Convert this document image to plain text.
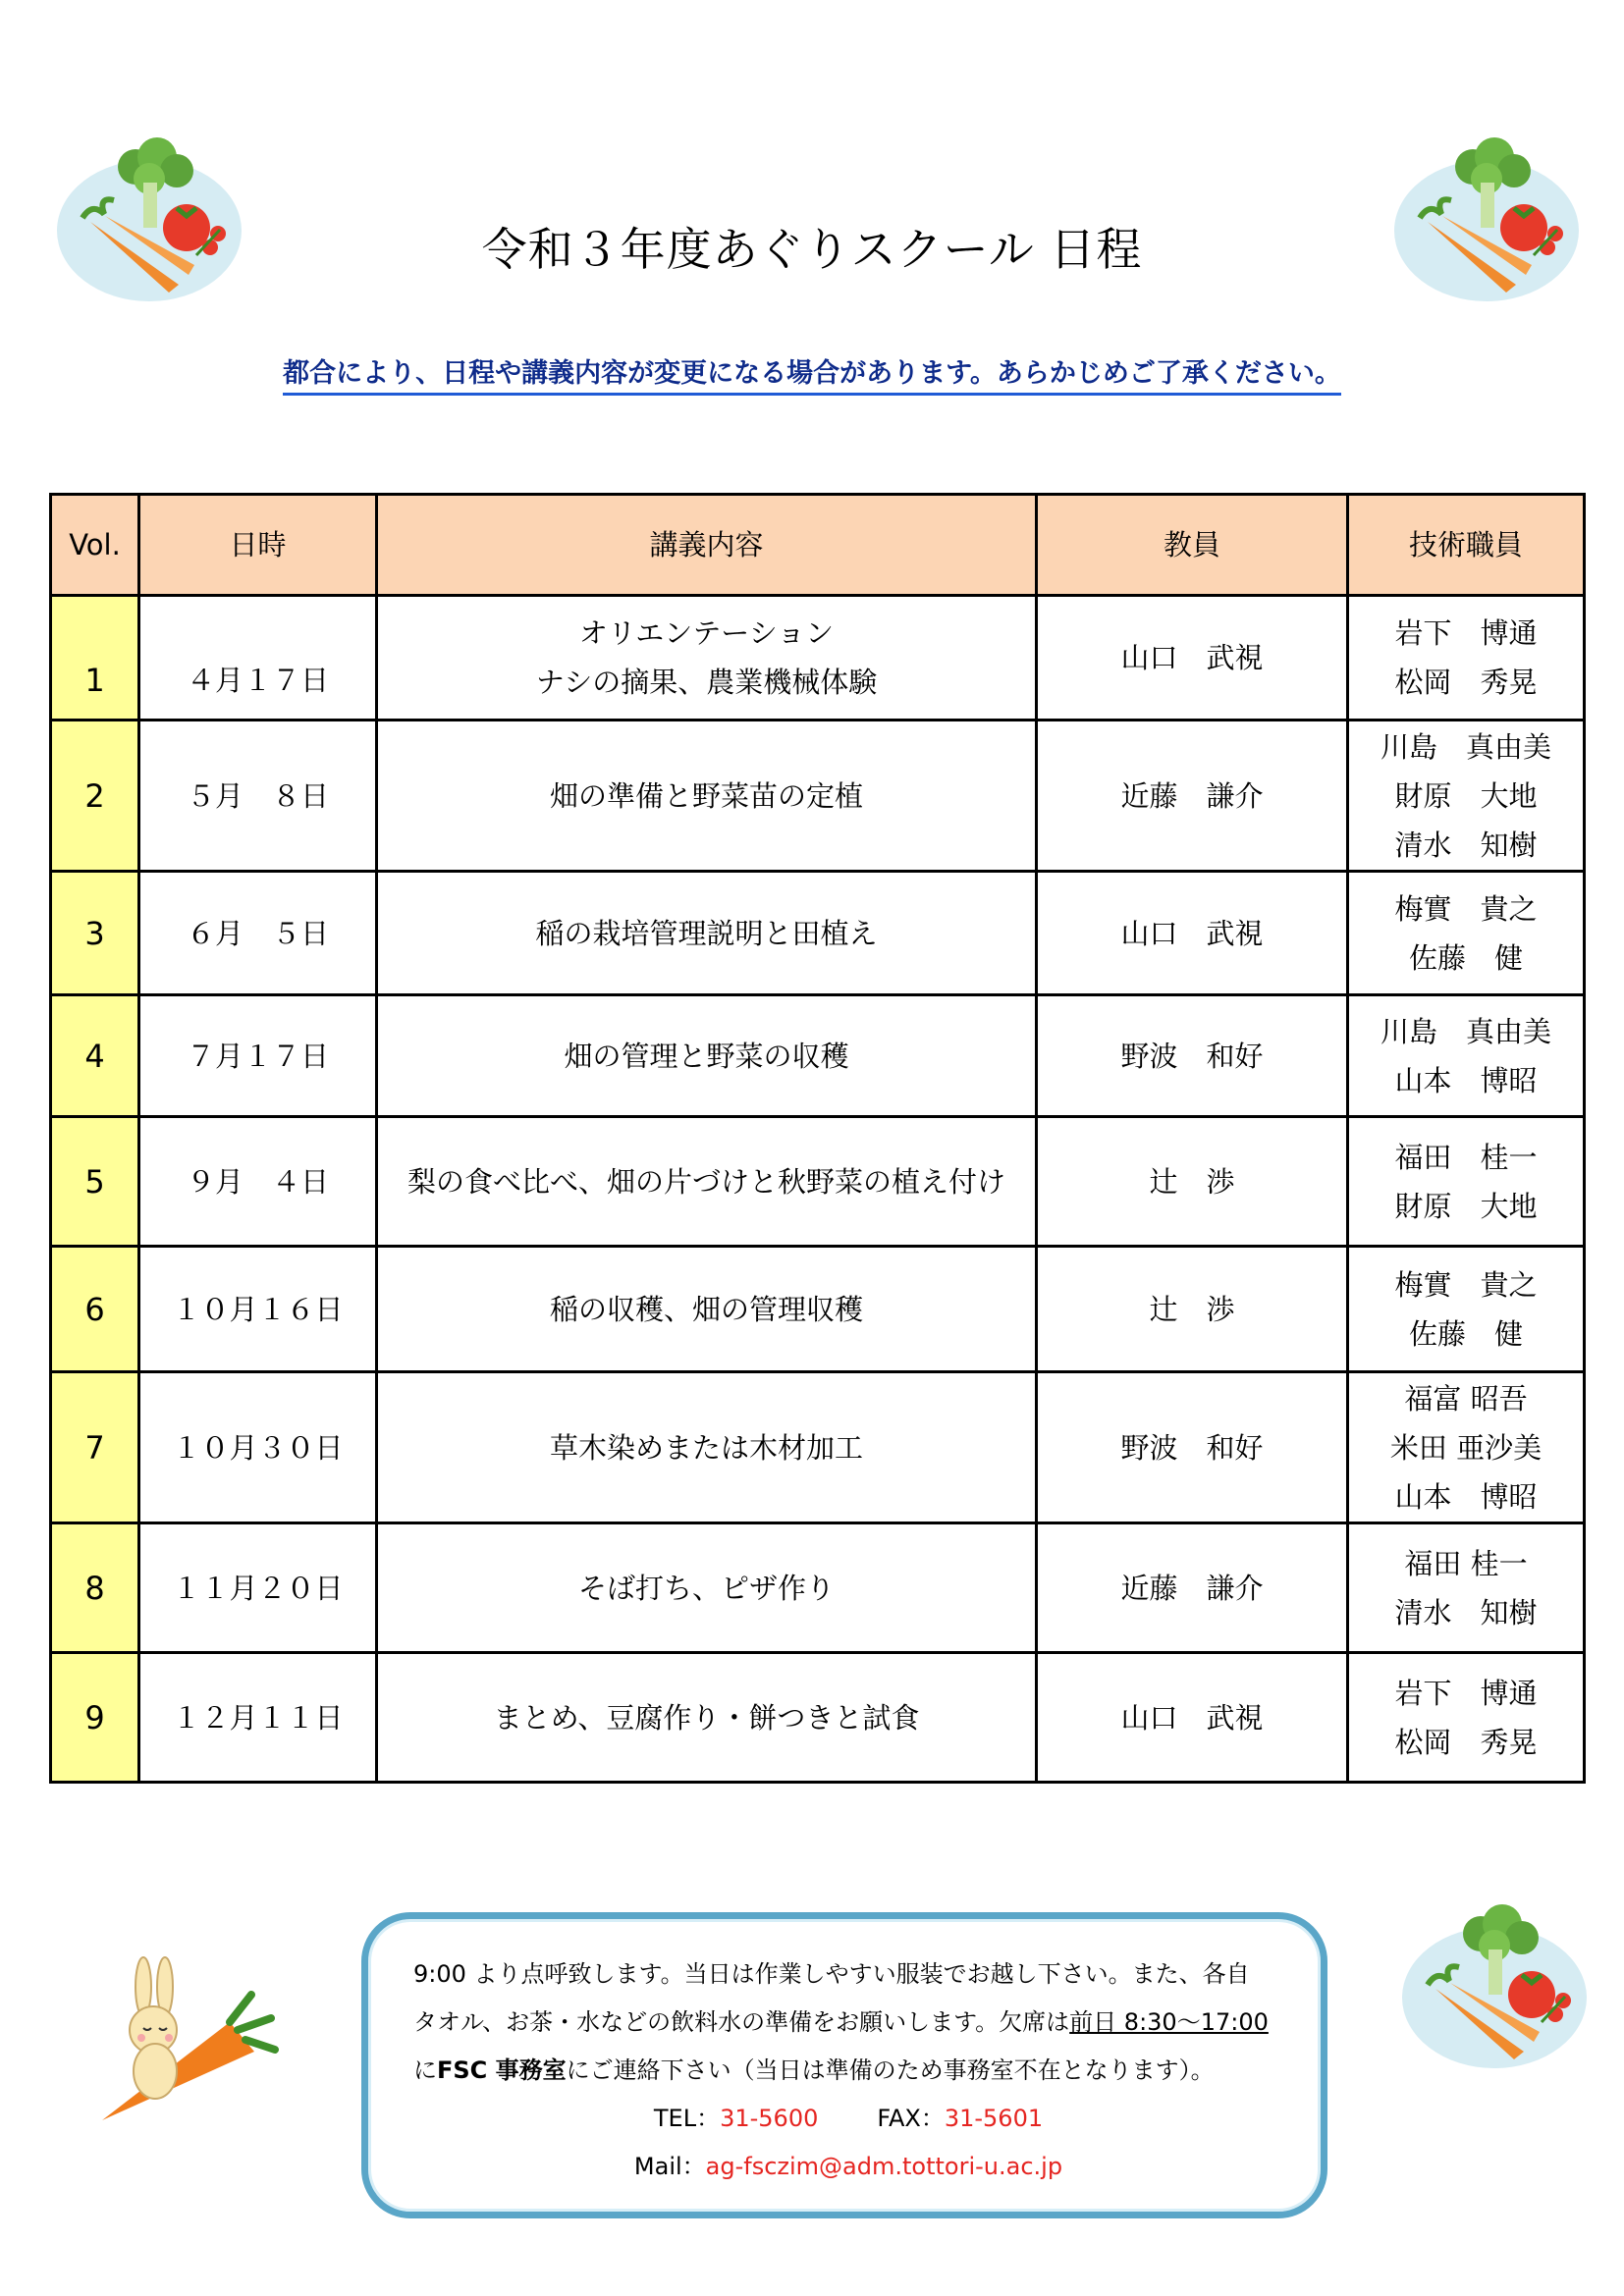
令和３年度あぐりスクール 日程
都合により、日程や講義内容が変更になる場合があります。あらかじめご了承ください。
Vol.	日時	講義内容	教員	技術職員
1	４月１７日	オリエンテーション
ナシの摘果、農業機械体験	山口　武視	岩下　博通
松岡　秀晃

2	５月　８日	畑の準備と野菜苗の定植	近藤　謙介	川島　真由美
財原　大地
清水　知樹

3	６月　５日	稲の栽培管理説明と田植え	山口　武視	梅實　貴之
佐藤　健

4	７月１７日	畑の管理と野菜の収穫	野波　和好	川島　真由美
山本　博昭

5	９月　４日	梨の食べ比べ、畑の片づけと秋野菜の植え付け	辻　渉	福田　桂一
財原　大地

6	１０月１６日	稲の収穫、畑の管理収穫	辻　渉	梅實　貴之
佐藤　健

7	１０月３０日	草木染めまたは木材加工	野波　和好	福富 昭吾
米田 亜沙美
山本　博昭

8	１１月２０日	そば打ち、ピザ作り	近藤　謙介	福田 桂一
清水　知樹

9	１２月１１日	まとめ、豆腐作り・餅つきと試食	山口　武視	岩下　博通
松岡　秀晃
9:00 より点呼致します。当日は作業しやすい服装でお越し下さい。また、各自
タオル、お茶・水などの飲料水の準備をお願いします。欠席は前日 8:30〜17:00
にFSC 事務室にご連絡下さい（当日は準備のため事務室不在となります）。
TEL：31-5600	FAX：31-5601
Mail：ag-fsczim@adm.tottori-u.ac.jp
